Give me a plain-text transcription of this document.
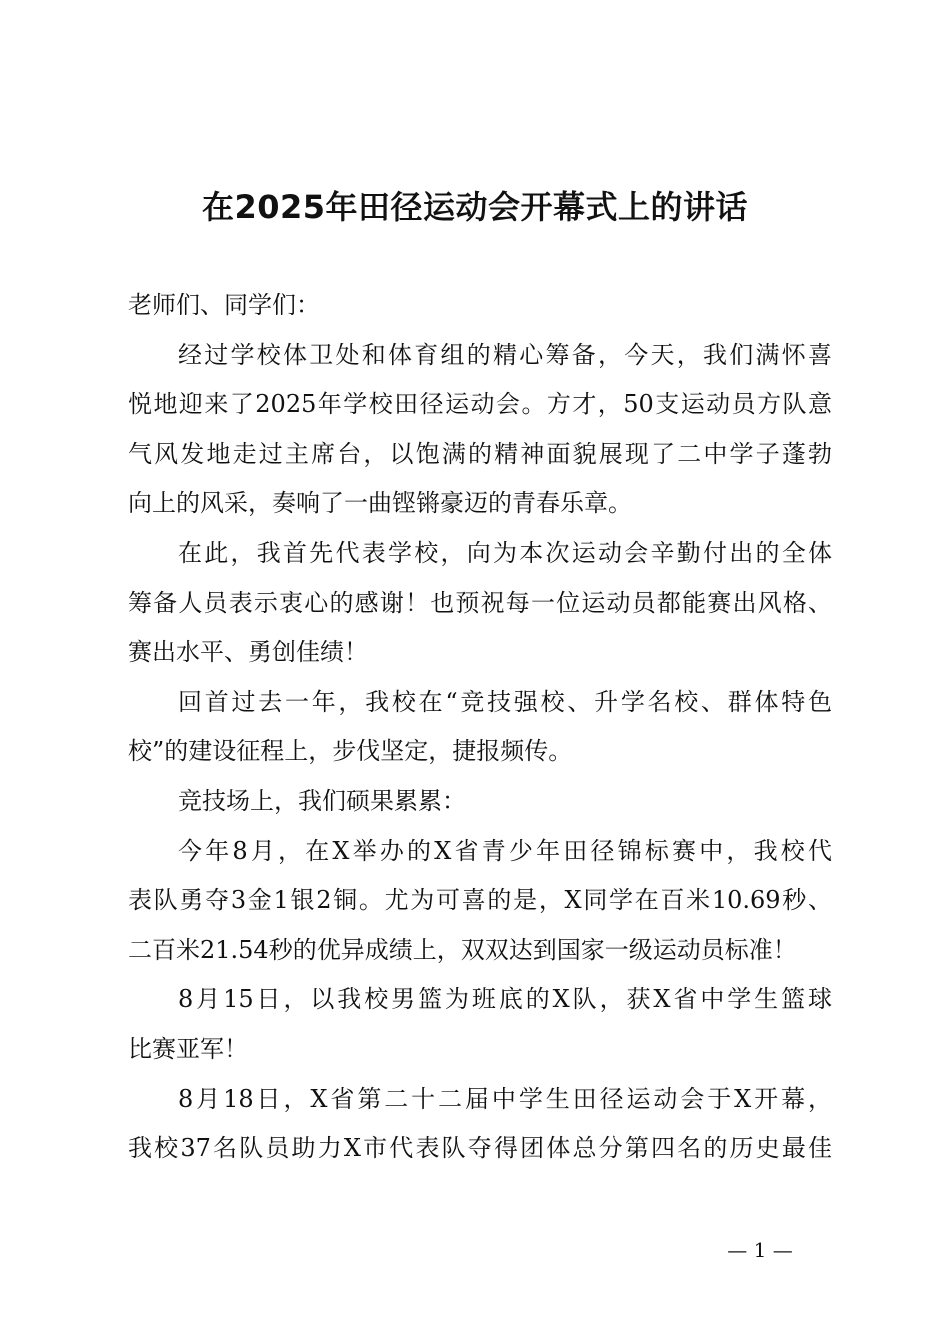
在2025年田径运动会开幕式上的讲话
老师们、同学们：
经过学校体卫处和体育组的精心筹备，今天，我们满怀喜
悦地迎来了2025年学校田径运动会。方才，50支运动员方队意
气风发地走过主席台，以饱满的精神面貌展现了二中学子蓬勃
向上的风采，奏响了一曲铿锵豪迈的青春乐章。
在此，我首先代表学校，向为本次运动会辛勤付出的全体
筹备人员表示衷心的感谢！也预祝每一位运动员都能赛出风格、
赛出水平、勇创佳绩！
回首过去一年，我校在“竞技强校、升学名校、群体特色
校”的建设征程上，步伐坚定，捷报频传。
竞技场上，我们硕果累累：
今年8月，在X举办的X省青少年田径锦标赛中，我校代
表队勇夺3金1银2铜。尤为可喜的是，X同学在百米10.69秒、
二百米21.54秒的优异成绩上，双双达到国家一级运动员标准！
8月15日，以我校男篮为班底的X队，获X省中学生篮球
比赛亚军！
8月18日，X省第二十二届中学生田径运动会于X开幕，
我校37名队员助力X市代表队夺得团体总分第四名的历史最佳
— 1 —
